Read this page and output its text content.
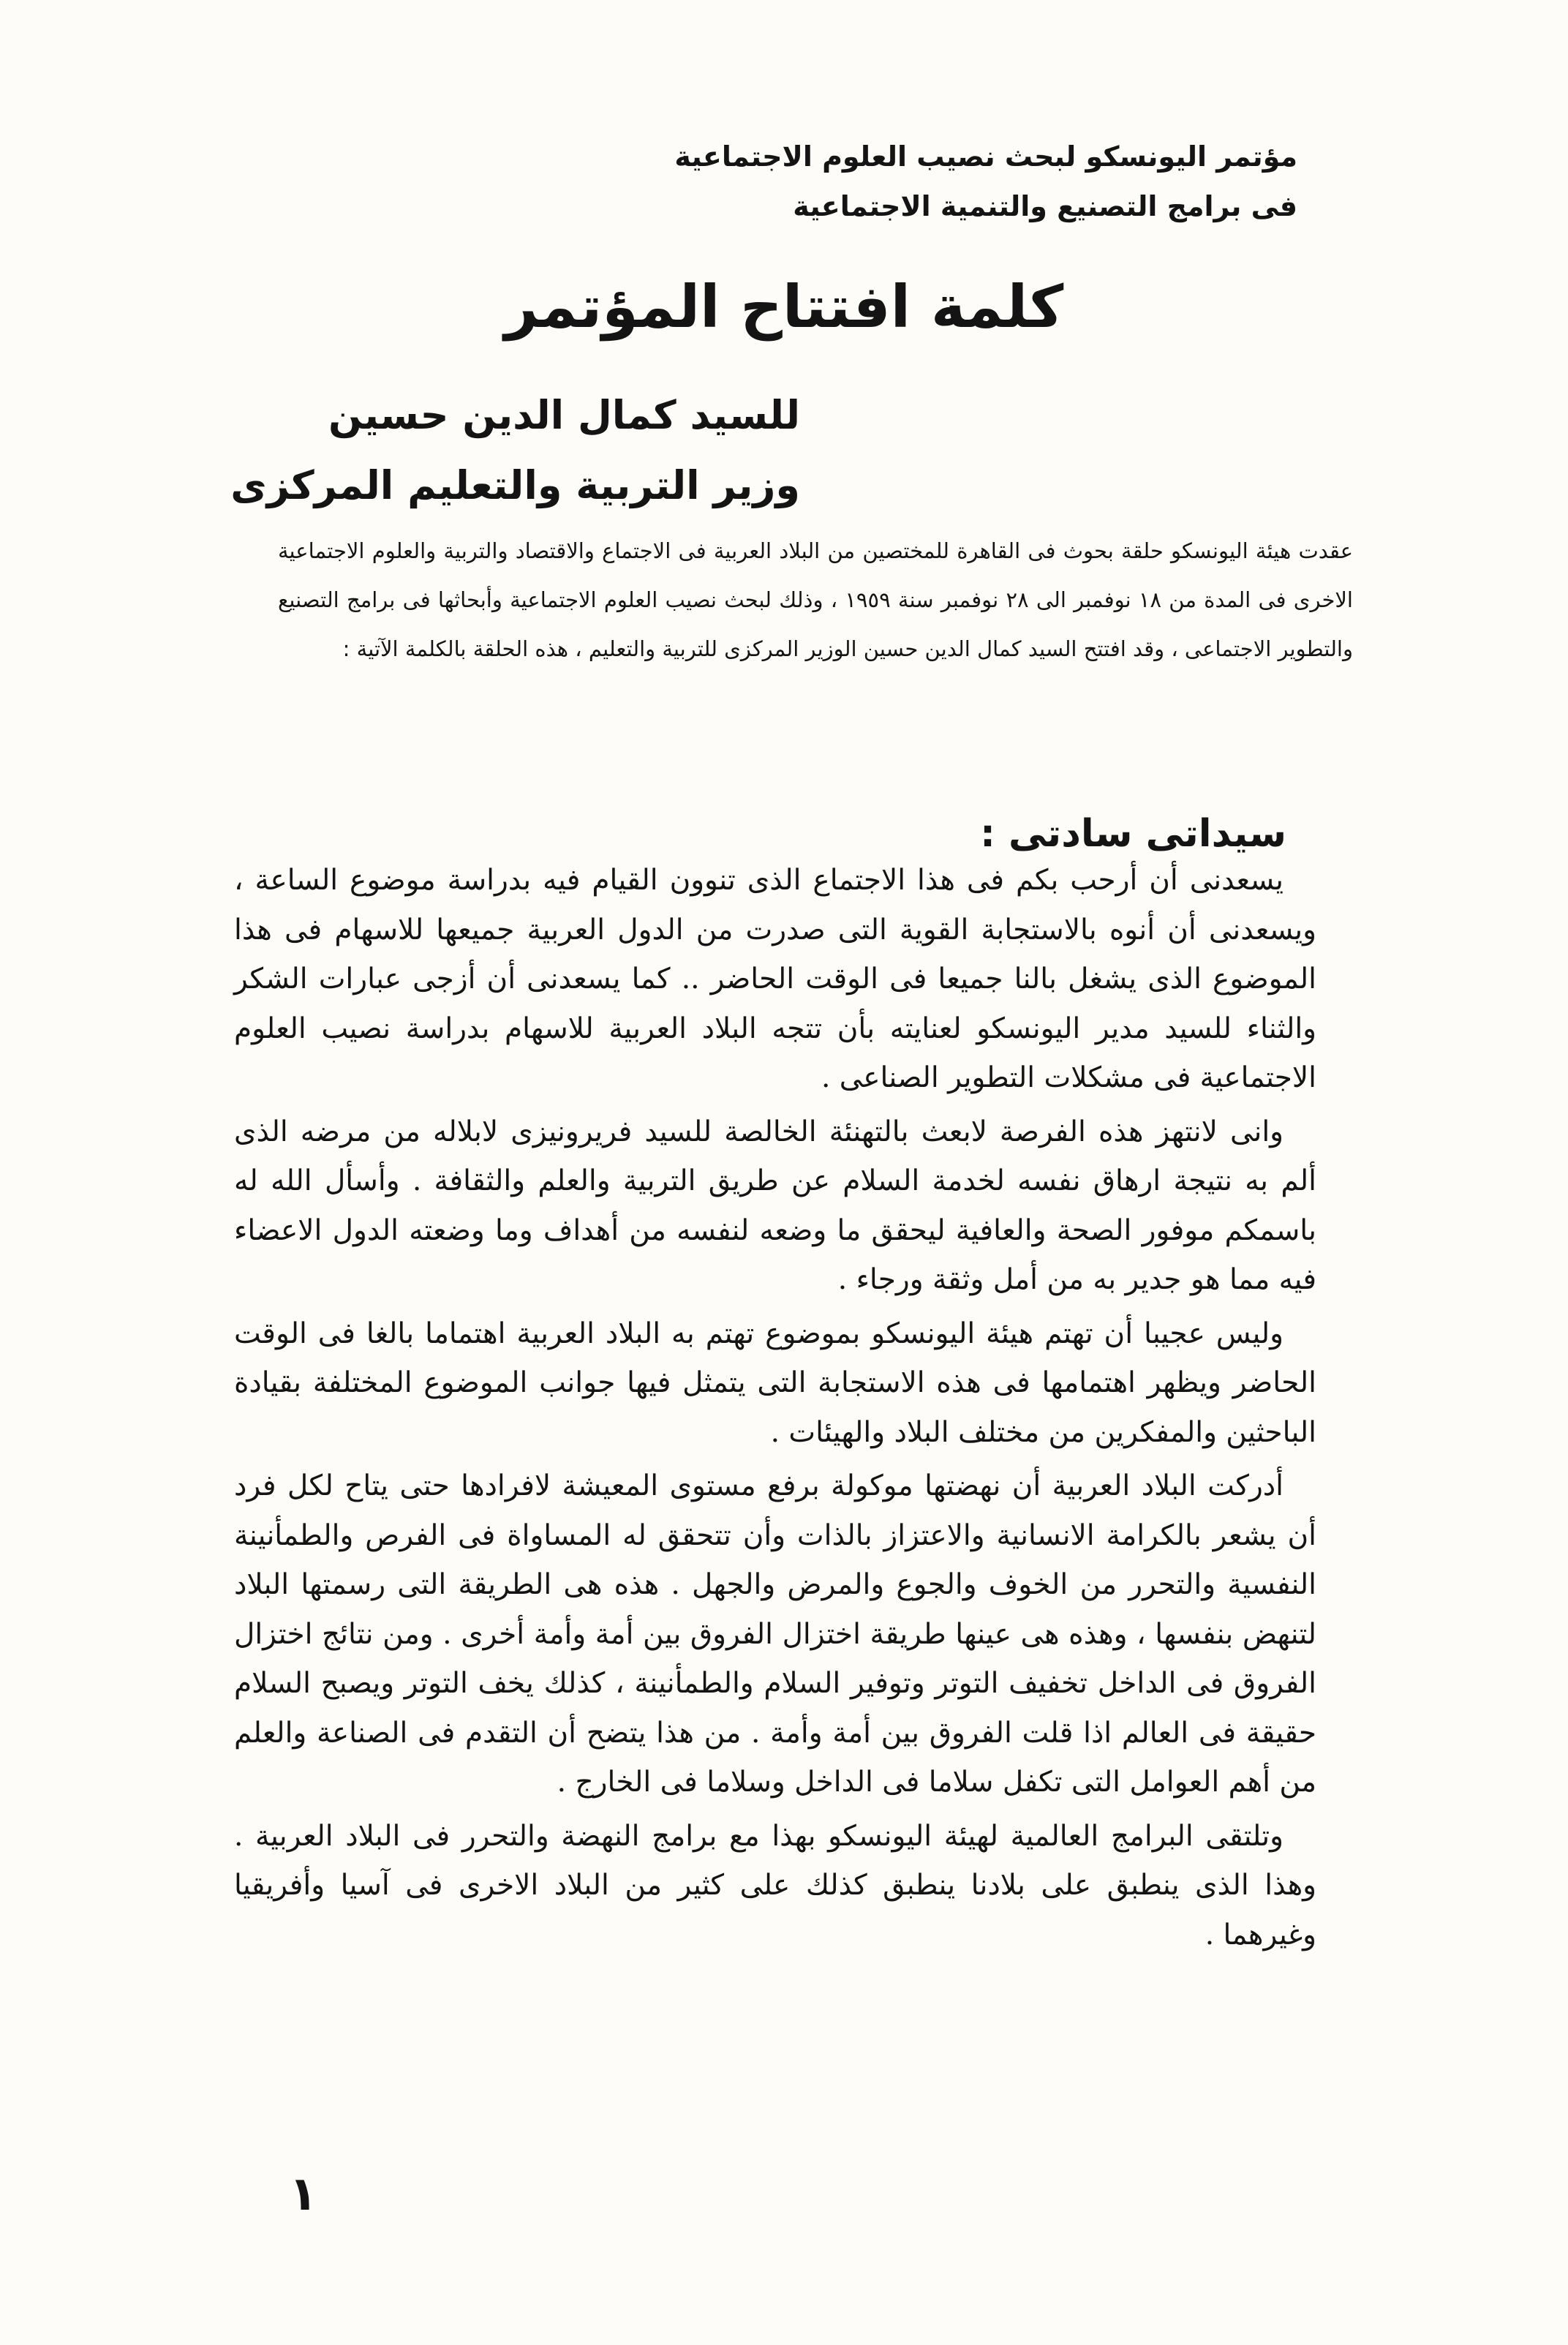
مؤتمر اليونسكو لبحث نصيب العلوم الاجتماعية
فى برامج التصنيع والتنمية الاجتماعية
كلمة افتتاح المؤتمر
للسيد كمال الدين حسين
وزير التربية والتعليم المركزى
عقدت هيئة اليونسكو حلقة بحوث فى القاهرة للمختصين من البلاد العربية فى الاجتماع والاقتصاد والتربية والعلوم الاجتماعية الاخرى فى المدة من ١٨ نوفمبر الى ٢٨ نوفمبر سنة ١٩٥٩ ، وذلك لبحث نصيب العلوم الاجتماعية وأبحاثها فى برامج التصنيع والتطوير الاجتماعى ، وقد افتتح السيد كمال الدين حسين الوزير المركزى للتربية والتعليم ، هذه الحلقة بالكلمة الآتية :
سيداتى سادتى :

يسعدنى أن أرحب بكم فى هذا الاجتماع الذى تنوون القيام فيه بدراسة موضوع الساعة ، ويسعدنى أن أنوه بالاستجابة القوية التى صدرت من الدول العربية جميعها للاسهام فى هذا الموضوع الذى يشغل بالنا جميعا فى الوقت الحاضر .. كما يسعدنى أن أزجى عبارات الشكر والثناء للسيد مدير اليونسكو لعنايته بأن تتجه البلاد العربية للاسهام بدراسة نصيب العلوم الاجتماعية فى مشكلات التطوير الصناعى .

وانى لانتهز هذه الفرصة لابعث بالتهنئة الخالصة للسيد فريرونيزى لابلاله من مرضه الذى ألم به نتيجة ارهاق نفسه لخدمة السلام عن طريق التربية والعلم والثقافة . وأسأل الله له باسمكم موفور الصحة والعافية ليحقق ما وضعه لنفسه من أهداف وما وضعته الدول الاعضاء فيه مما هو جدير به من أمل وثقة ورجاء .

وليس عجيبا أن تهتم هيئة اليونسكو بموضوع تهتم به البلاد العربية اهتماما بالغا فى الوقت الحاضر ويظهر اهتمامها فى هذه الاستجابة التى يتمثل فيها جوانب الموضوع المختلفة بقيادة الباحثين والمفكرين من مختلف البلاد والهيئات .

أدركت البلاد العربية أن نهضتها موكولة برفع مستوى المعيشة لافرادها حتى يتاح لكل فرد أن يشعر بالكرامة الانسانية والاعتزاز بالذات وأن تتحقق له المساواة فى الفرص والطمأنينة النفسية والتحرر من الخوف والجوع والمرض والجهل . هذه هى الطريقة التى رسمتها البلاد لتنهض بنفسها ، وهذه هى عينها طريقة اختزال الفروق بين أمة وأمة أخرى . ومن نتائج اختزال الفروق فى الداخل تخفيف التوتر وتوفير السلام والطمأنينة ، كذلك يخف التوتر ويصبح السلام حقيقة فى العالم اذا قلت الفروق بين أمة وأمة . من هذا يتضح أن التقدم فى الصناعة والعلم من أهم العوامل التى تكفل سلاما فى الداخل وسلاما فى الخارج .

وتلتقى البرامج العالمية لهيئة اليونسكو بهذا مع برامج النهضة والتحرر فى البلاد العربية . وهذا الذى ينطبق على بلادنا ينطبق كذلك على كثير من البلاد الاخرى فى آسيا وأفريقيا وغيرهما .

١
